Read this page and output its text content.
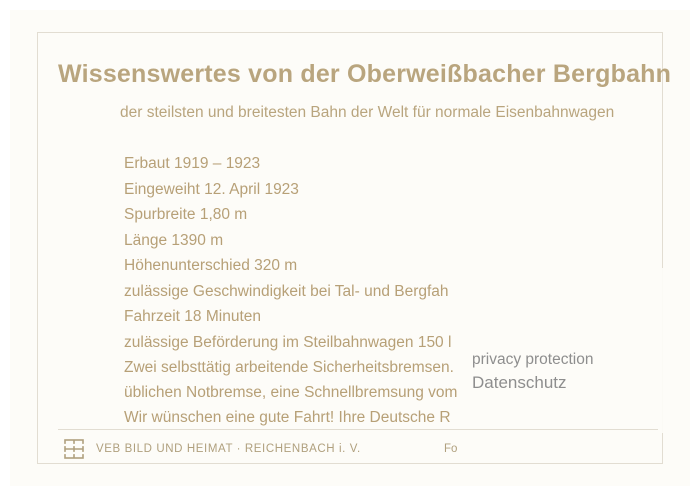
Wissenswertes von der Oberweißbacher Bergbahn
der steilsten und breitesten Bahn der Welt für normale Eisenbahnwagen
Erbaut 1919 – 1923
Eingeweiht 12. April 1923
Spurbreite 1,80 m
Länge 1390 m
Höhenunterschied 320 m
zulässige Geschwindigkeit bei Tal- und Bergfah
Fahrzeit 18 Minuten
zulässige Beförderung im Steilbahnwagen 150 l
Zwei selbsttätig arbeitende Sicherheitsbremsen.
üblichen Notbremse, eine Schnellbremsung vom
Wir wünschen eine gute Fahrt! Ihre Deutsche R
privacy protection
Datenschutz
VEB BILD UND HEIMAT · REICHENBACH i. V.	Fo
